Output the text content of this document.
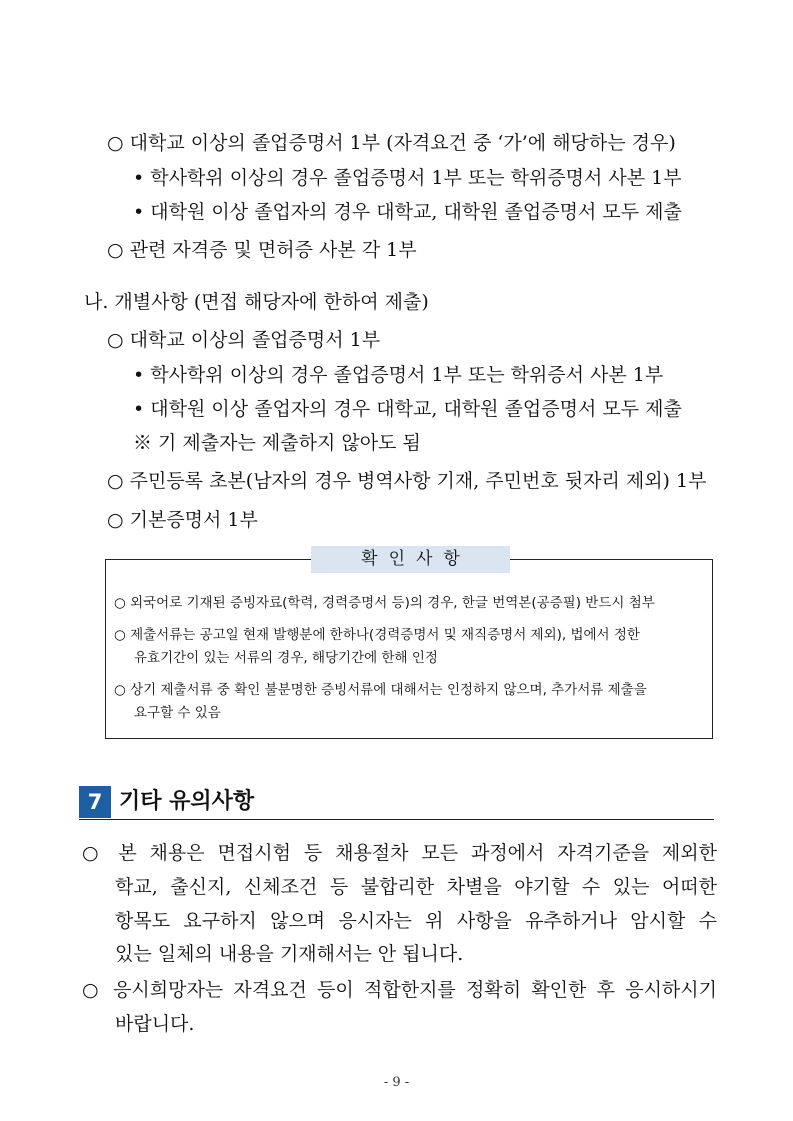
○ 대학교 이상의 졸업증명서 1부 (자격요건 중 ‘가’에 해당하는 경우)
• 학사학위 이상의 경우 졸업증명서 1부 또는 학위증명서 사본 1부
• 대학원 이상 졸업자의 경우 대학교, 대학원 졸업증명서 모두 제출
○ 관련 자격증 및 면허증 사본 각 1부
나. 개별사항 (면접 해당자에 한하여 제출)
○ 대학교 이상의 졸업증명서 1부
• 학사학위 이상의 경우 졸업증명서 1부 또는 학위증서 사본 1부
• 대학원 이상 졸업자의 경우 대학교, 대학원 졸업증명서 모두 제출
※ 기 제출자는 제출하지 않아도 됨
○ 주민등록 초본(남자의 경우 병역사항 기재, 주민번호 뒷자리 제외) 1부
○ 기본증명서 1부
확인사항
○ 외국어로 기재된 증빙자료(학력, 경력증명서 등)의 경우, 한글 번역본(공증필) 반드시 첨부
○ 제출서류는 공고일 현재 발행분에 한하나(경력증명서 및 재직증명서 제외), 법에서 정한
유효기간이 있는 서류의 경우, 해당기간에 한해 인정
○ 상기 제출서류 중 확인 불분명한 증빙서류에 대해서는 인정하지 않으며, 추가서류 제출을
요구할 수 있음
7 기타 유의사항
○ 본 채용은 면접시험 등 채용절차 모든 과정에서 자격기준을 제외한
학교, 출신지, 신체조건 등 불합리한 차별을 야기할 수 있는 어떠한
항목도 요구하지 않으며 응시자는 위 사항을 유추하거나 암시할 수
있는 일체의 내용을 기재해서는 안 됩니다.
○ 응시희망자는 자격요건 등이 적합한지를 정확히 확인한 후 응시하시기
바랍니다.
- 9 -
